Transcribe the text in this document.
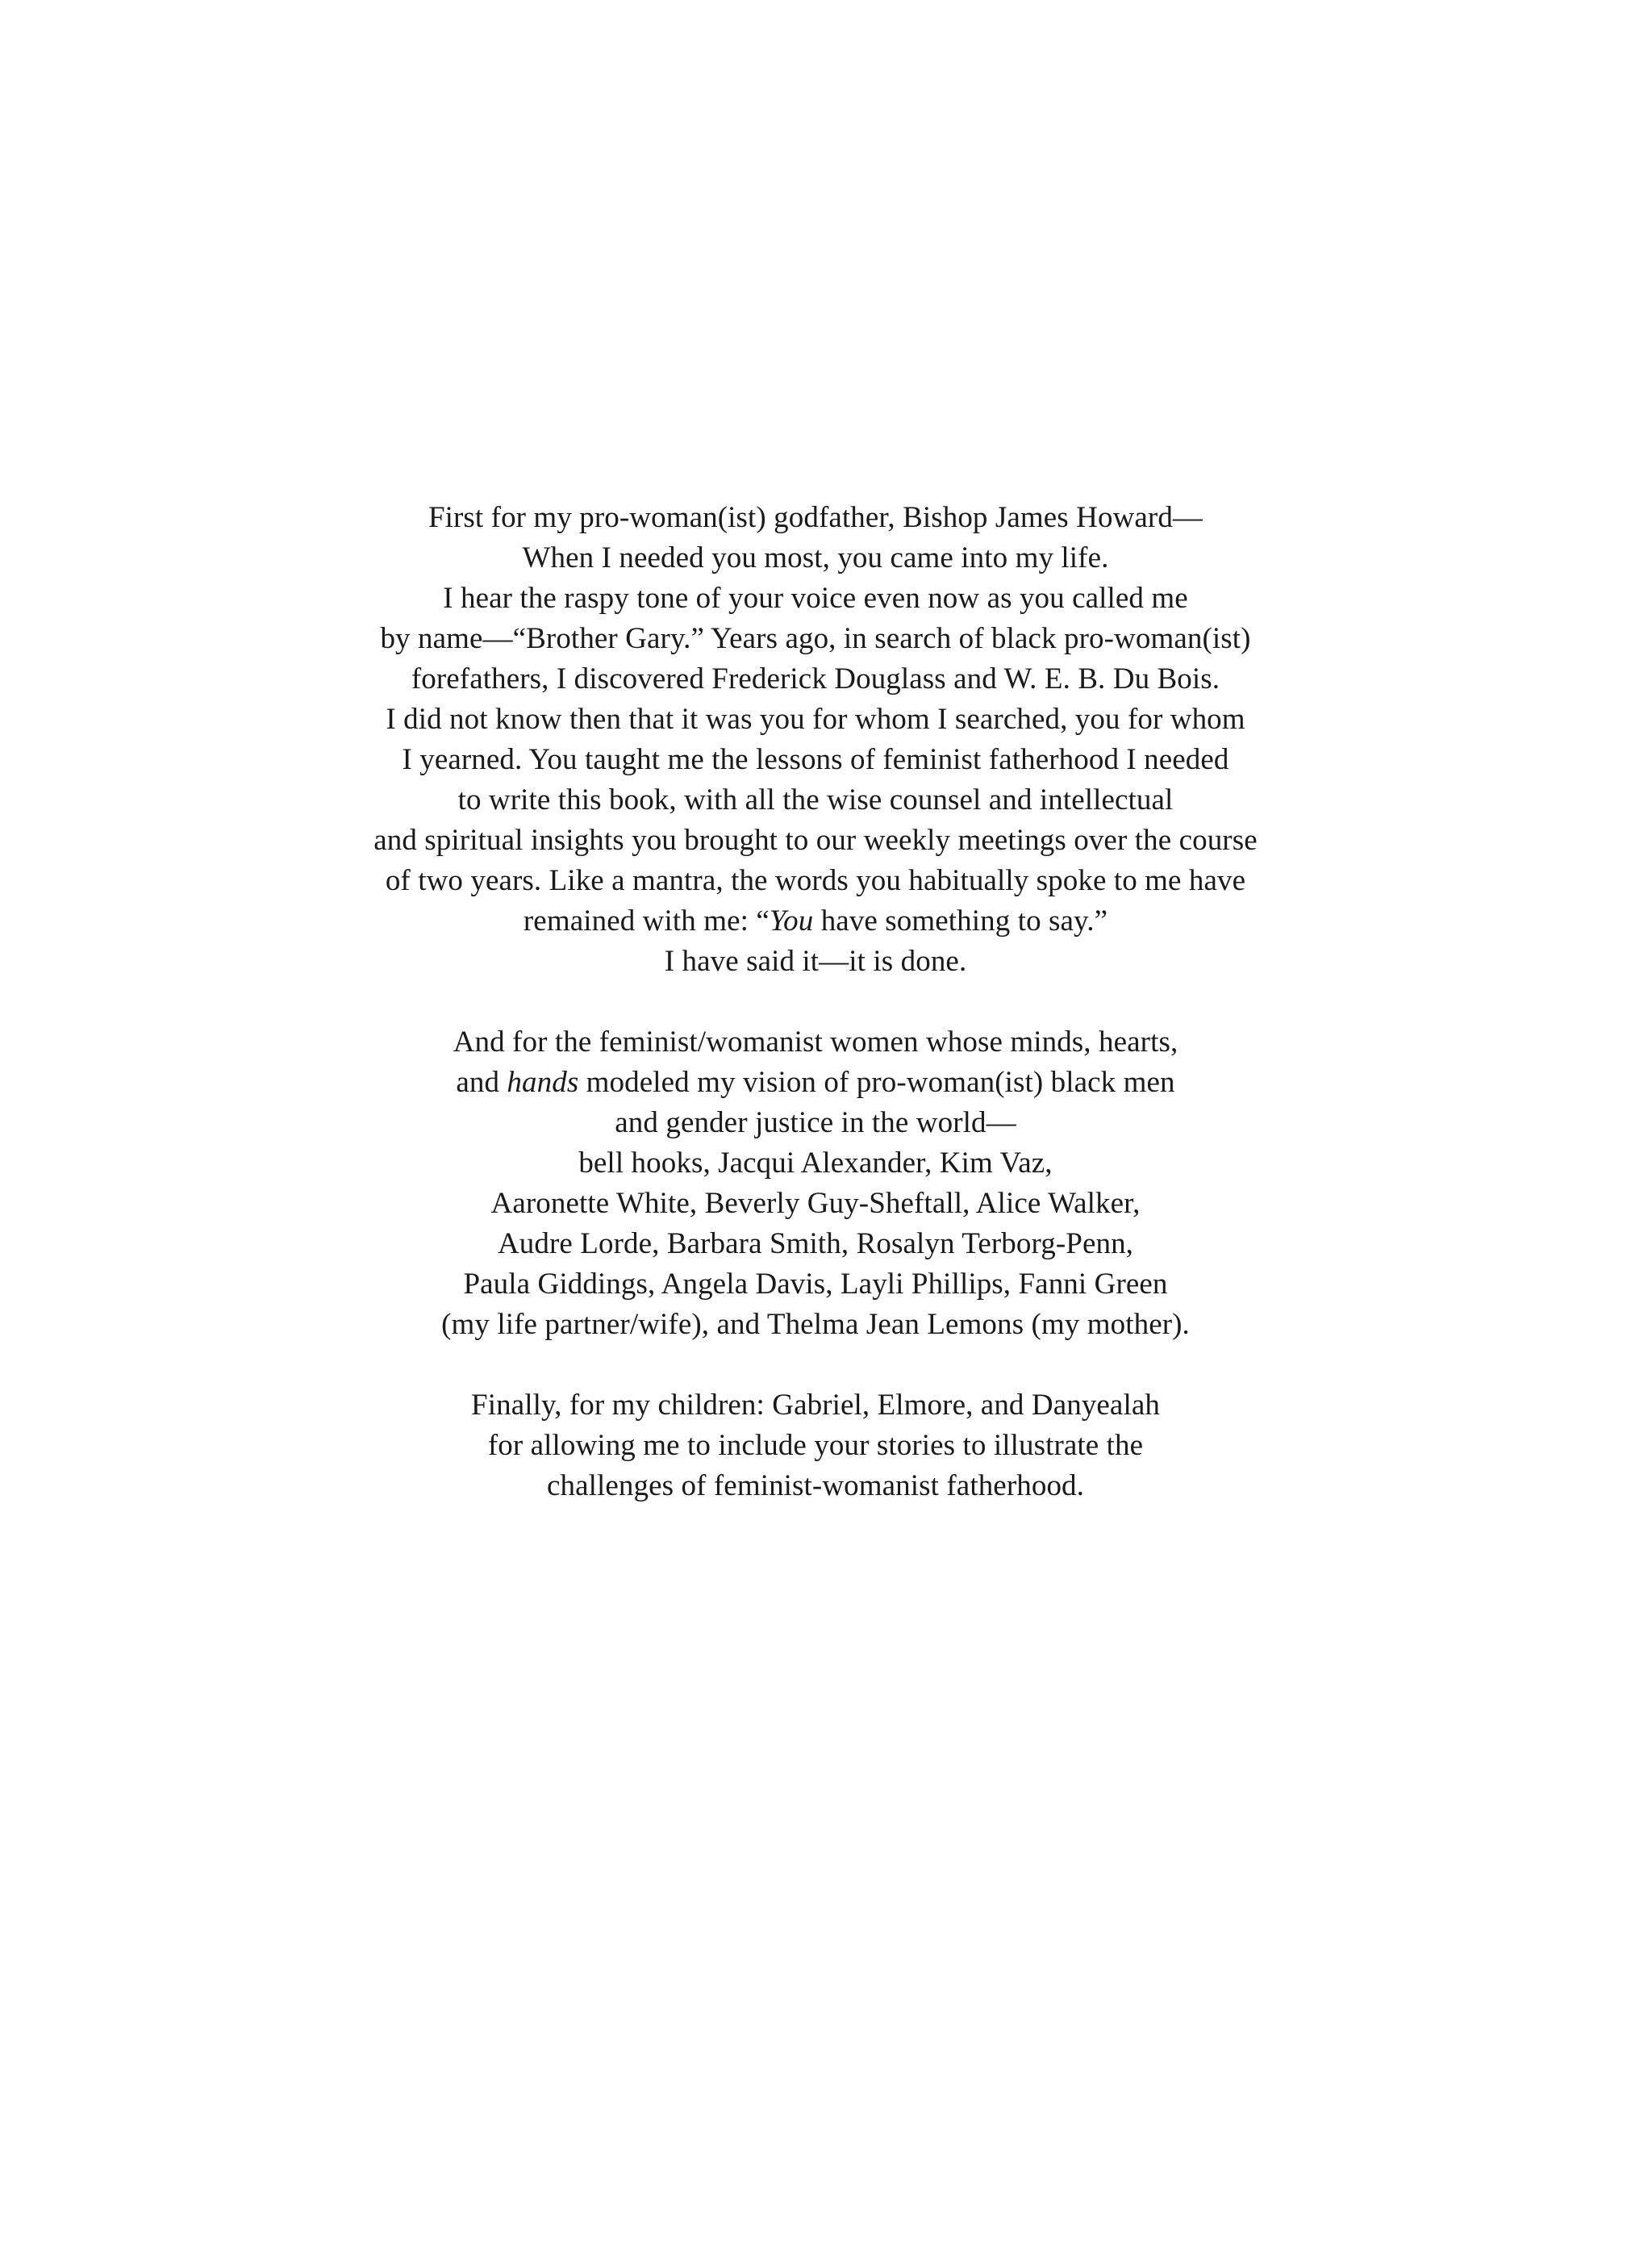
First for my pro-woman(ist) godfather, Bishop James Howard—
When I needed you most, you came into my life.
I hear the raspy tone of your voice even now as you called me
by name—“Brother Gary.” Years ago, in search of black pro-woman(ist)
forefathers, I discovered Frederick Douglass and W. E. B. Du Bois.
I did not know then that it was you for whom I searched, you for whom
I yearned. You taught me the lessons of feminist fatherhood I needed
to write this book, with all the wise counsel and intellectual
and spiritual insights you brought to our weekly meetings over the course
of two years. Like a mantra, the words you habitually spoke to me have
remained with me: “You have something to say.”
I have said it—it is done.

And for the feminist/womanist women whose minds, hearts,
and hands modeled my vision of pro-woman(ist) black men
and gender justice in the world—
bell hooks, Jacqui Alexander, Kim Vaz,
Aaronette White, Beverly Guy-Sheftall, Alice Walker,
Audre Lorde, Barbara Smith, Rosalyn Terborg-Penn,
Paula Giddings, Angela Davis, Layli Phillips, Fanni Green
(my life partner/wife), and Thelma Jean Lemons (my mother).

Finally, for my children: Gabriel, Elmore, and Danyealah
for allowing me to include your stories to illustrate the
challenges of feminist-womanist fatherhood.
